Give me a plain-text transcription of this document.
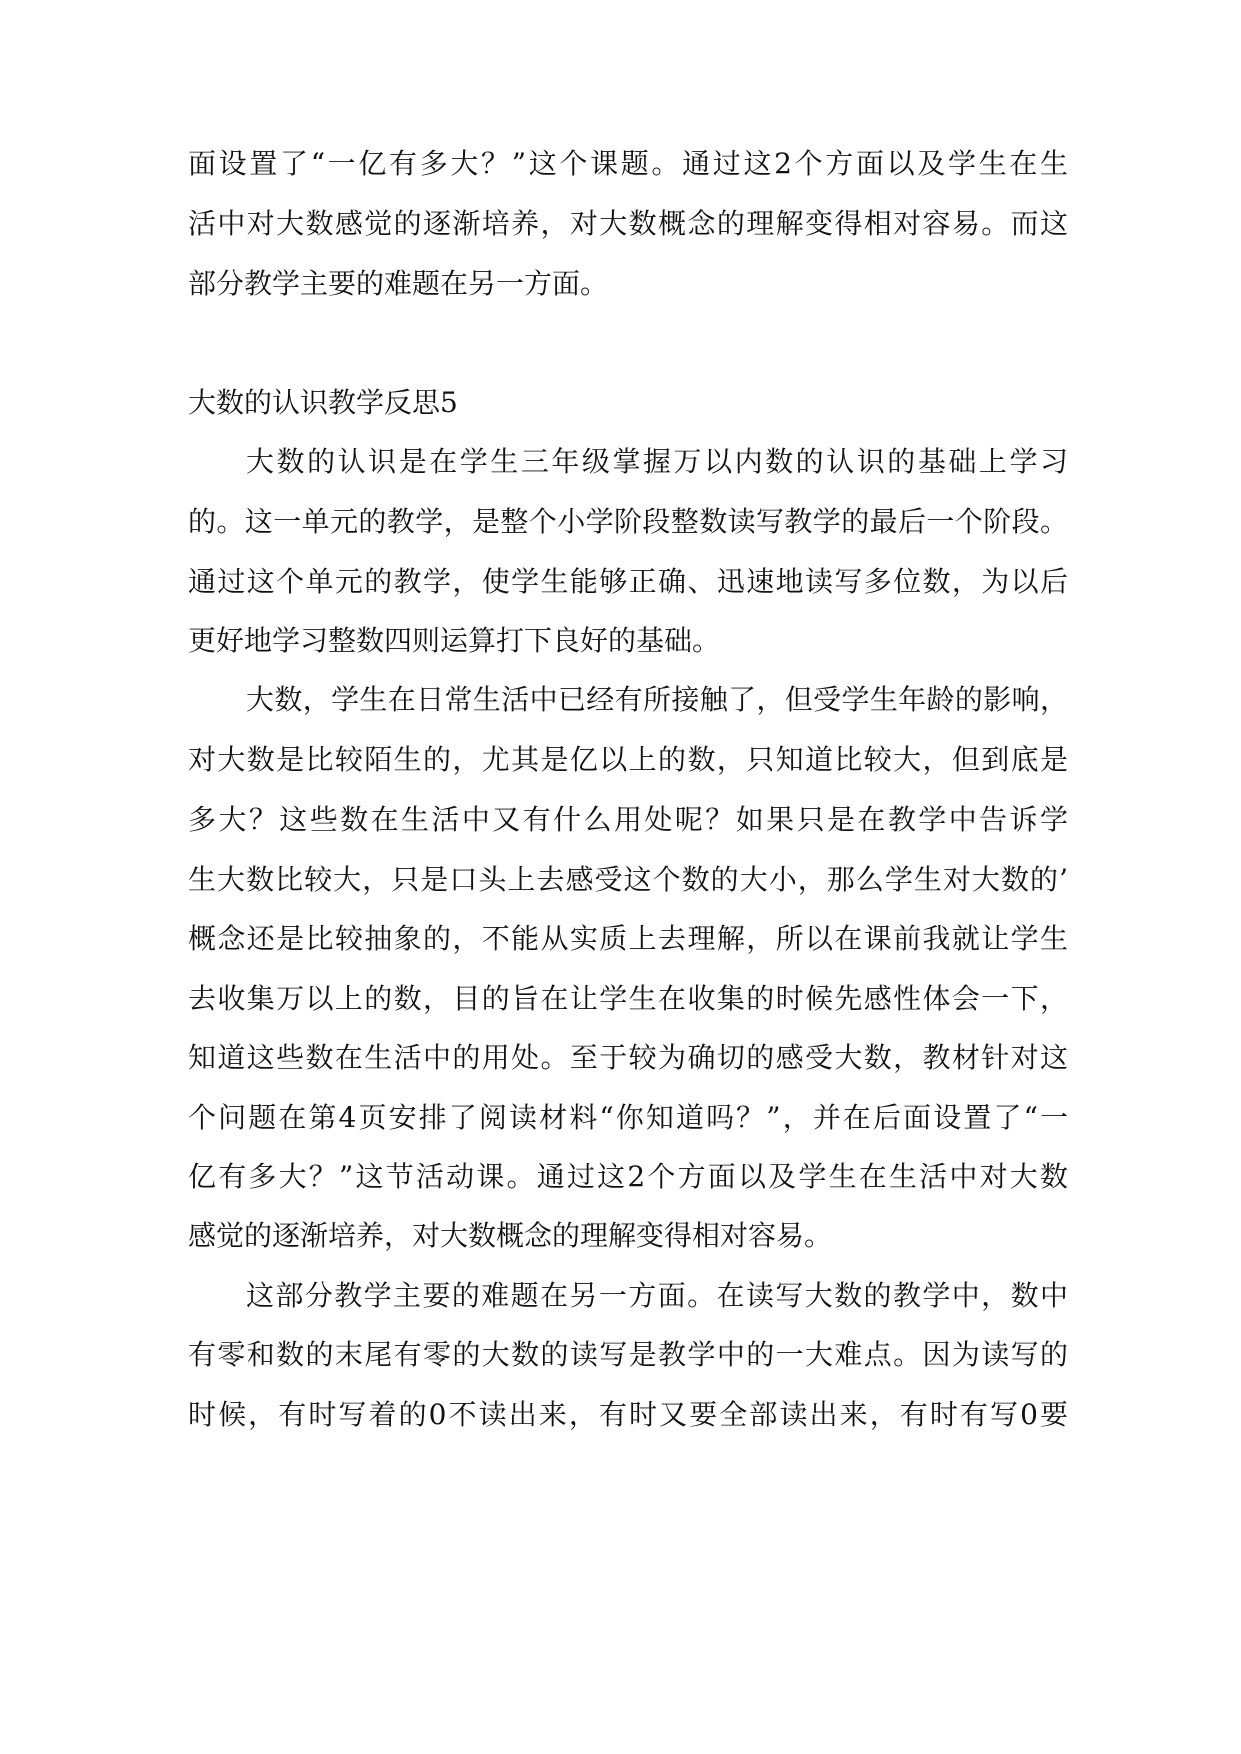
面设置了“一亿有多大？”这个课题。通过这2个方面以及学生在生
活中对大数感觉的逐渐培养，对大数概念的理解变得相对容易。而这
部分教学主要的难题在另一方面。
大数的认识教学反思5
大数的认识是在学生三年级掌握万以内数的认识的基础上学习
的。这一单元的教学，是整个小学阶段整数读写教学的最后一个阶段。
通过这个单元的教学，使学生能够正确、迅速地读写多位数，为以后
更好地学习整数四则运算打下良好的基础。
大数，学生在日常生活中已经有所接触了，但受学生年龄的影响，
对大数是比较陌生的，尤其是亿以上的数，只知道比较大，但到底是
多大？这些数在生活中又有什么用处呢？如果只是在教学中告诉学
生大数比较大，只是口头上去感受这个数的大小，那么学生对大数的’
概念还是比较抽象的，不能从实质上去理解，所以在课前我就让学生
去收集万以上的数，目的旨在让学生在收集的时候先感性体会一下，
知道这些数在生活中的用处。至于较为确切的感受大数，教材针对这
个问题在第4页安排了阅读材料“你知道吗？”，并在后面设置了“一
亿有多大？”这节活动课。通过这2个方面以及学生在生活中对大数
感觉的逐渐培养，对大数概念的理解变得相对容易。
这部分教学主要的难题在另一方面。在读写大数的教学中，数中
有零和数的末尾有零的大数的读写是教学中的一大难点。因为读写的
时候，有时写着的0不读出来，有时又要全部读出来，有时有写0要
